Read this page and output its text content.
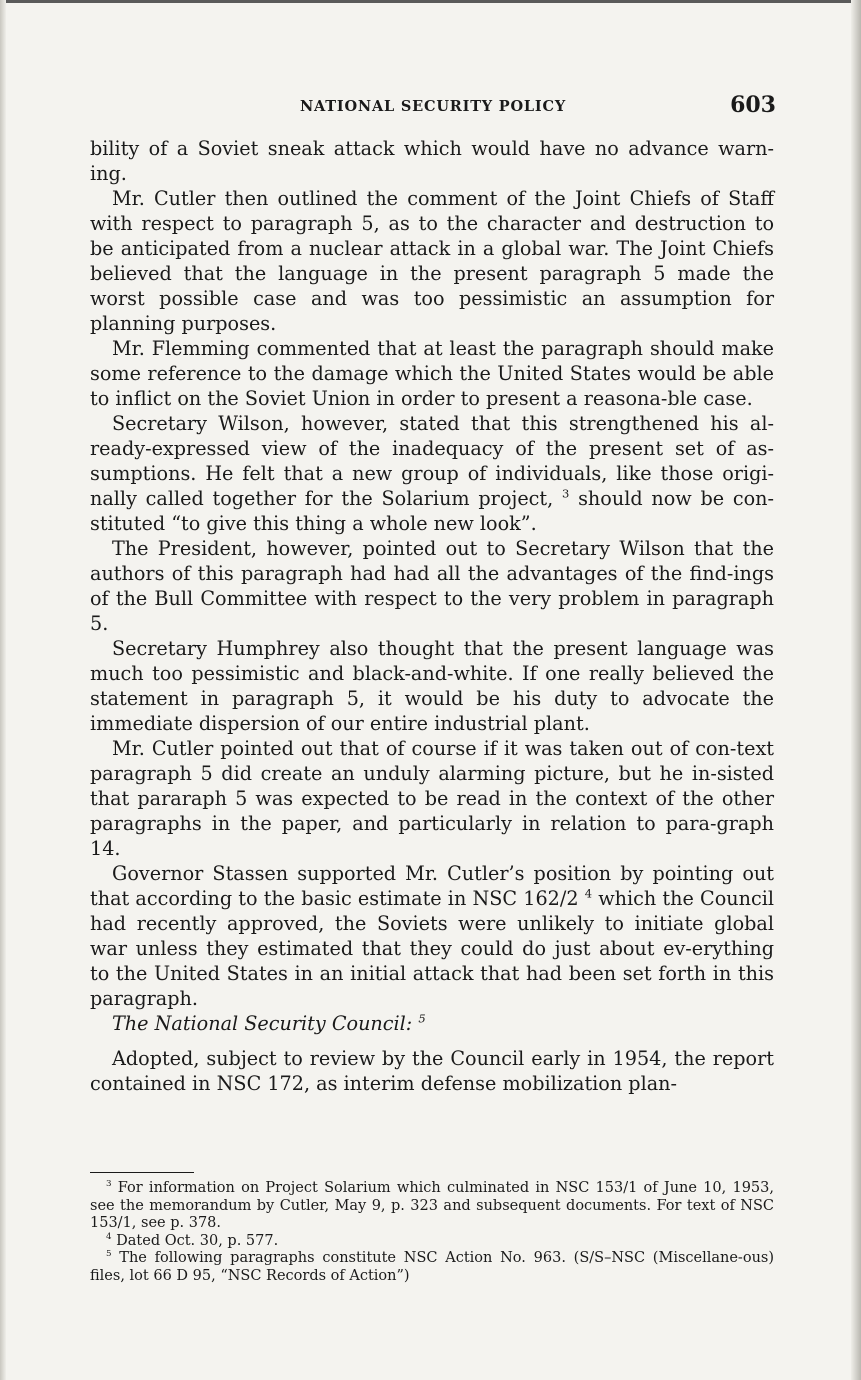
NATIONAL SECURITY POLICY	603

bility of a Soviet sneak attack which would have no advance warn-ing.

Mr. Cutler then outlined the comment of the Joint Chiefs of Staff with respect to paragraph 5, as to the character and destruction to be anticipated from a nuclear attack in a global war. The Joint Chiefs believed that the language in the present paragraph 5 made the worst possible case and was too pessimistic an assumption for planning purposes.

Mr. Flemming commented that at least the paragraph should make some reference to the damage which the United States would be able to inflict on the Soviet Union in order to present a reasona-ble case.

Secretary Wilson, however, stated that this strengthened his al-ready-expressed view of the inadequacy of the present set of as-sumptions. He felt that a new group of individuals, like those origi-nally called together for the Solarium project, $^3$ should now be con-stituted “to give this thing a whole new look”.

The President, however, pointed out to Secretary Wilson that the authors of this paragraph had had all the advantages of the find-ings of the Bull Committee with respect to the very problem in paragraph 5.

Secretary Humphrey also thought that the present language was much too pessimistic and black-and-white. If one really believed the statement in paragraph 5, it would be his duty to advocate the immediate dispersion of our entire industrial plant.

Mr. Cutler pointed out that of course if it was taken out of con-text paragraph 5 did create an unduly alarming picture, but he in-sisted that pararaph 5 was expected to be read in the context of the other paragraphs in the paper, and particularly in relation to para-graph 14.

Governor Stassen supported Mr. Cutler’s position by pointing out that according to the basic estimate in NSC 162/2 $^4$ which the Council had recently approved, the Soviets were unlikely to initiate global war unless they estimated that they could do just about ev-erything to the United States in an initial attack that had been set forth in this paragraph.

The National Security Council: $^5$

Adopted, subject to review by the Council early in 1954, the report contained in NSC 172, as interim defense mobilization plan-

$^3$ For information on Project Solarium which culminated in NSC 153/1 of June 10, 1953, see the memorandum by Cutler, May 9, p. 323 and subsequent documents. For text of NSC 153/1, see p. 378.

$^4$ Dated Oct. 30, p. 577.

$^5$ The following paragraphs constitute NSC Action No. 963. (S/S–NSC (Miscellane-ous) files, lot 66 D 95, “NSC Records of Action”)
